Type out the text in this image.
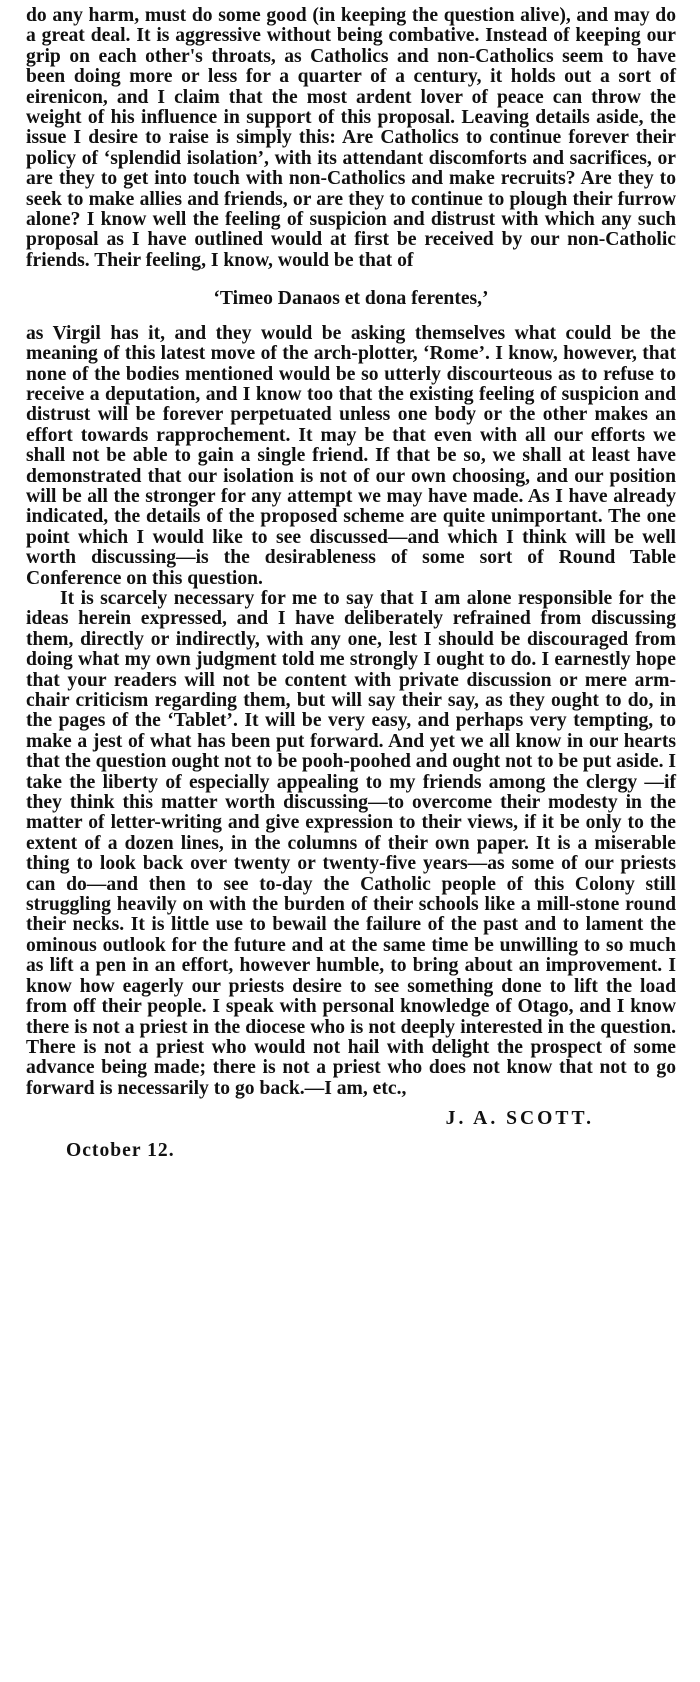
do any harm, must do some good (in keeping the question alive), and may do a great deal. It is aggressive without being combative. Instead of keeping our grip on each other's throats, as Catholics and non-Catholics seem to have been doing more or less for a quarter of a century, it holds out a sort of eirenicon, and I claim that the most ardent lover of peace can throw the weight of his influence in support of this proposal. Leaving details aside, the issue I desire to raise is simply this: Are Catholics to continue forever their policy of ‘splendid isolation’, with its attendant discomforts and sacrifices, or are they to get into touch with non-Catholics and make recruits? Are they to seek to make allies and friends, or are they to continue to plough their furrow alone? I know well the feeling of suspicion and distrust with which any such proposal as I have outlined would at first be received by our non-Catholic friends. Their feeling, I know, would be that of

‘Timeo Danaos et dona ferentes,’

as Virgil has it, and they would be asking themselves what could be the meaning of this latest move of the arch-plotter, ‘Rome’. I know, however, that none of the bodies mentioned would be so utterly discourteous as to refuse to receive a deputation, and I know too that the existing feeling of suspicion and distrust will be forever perpetuated unless one body or the other makes an effort towards rapprochement. It may be that even with all our efforts we shall not be able to gain a single friend. If that be so, we shall at least have demonstrated that our isolation is not of our own choosing, and our position will be all the stronger for any attempt we may have made. As I have already indicated, the details of the proposed scheme are quite unimportant. The one point which I would like to see discussed—and which I think will be well worth discussing—is the desirableness of some sort of Round Table Conference on this question.

It is scarcely necessary for me to say that I am alone responsible for the ideas herein expressed, and I have deliberately refrained from discussing them, directly or indirectly, with any one, lest I should be discouraged from doing what my own judgment told me strongly I ought to do. I earnestly hope that your readers will not be content with private discussion or mere arm-chair criticism regarding them, but will say their say, as they ought to do, in the pages of the ‘Tablet’. It will be very easy, and perhaps very tempting, to make a jest of what has been put forward. And yet we all know in our hearts that the question ought not to be pooh-poohed and ought not to be put aside. I take the liberty of especially appealing to my friends among the clergy —if they think this matter worth discussing—to overcome their modesty in the matter of letter-writing and give expression to their views, if it be only to the extent of a dozen lines, in the columns of their own paper. It is a miserable thing to look back over twenty or twenty-five years—as some of our priests can do—and then to see to-day the Catholic people of this Colony still struggling heavily on with the burden of their schools like a mill-stone round their necks. It is little use to bewail the failure of the past and to lament the ominous outlook for the future and at the same time be unwilling to so much as lift a pen in an effort, however humble, to bring about an improvement. I know how eagerly our priests desire to see something done to lift the load from off their people. I speak with personal knowledge of Otago, and I know there is not a priest in the diocese who is not deeply interested in the question. There is not a priest who would not hail with delight the prospect of some advance being made; there is not a priest who does not know that not to go forward is necessarily to go back.—I am, etc.,

J. A. SCOTT.
October 12.
